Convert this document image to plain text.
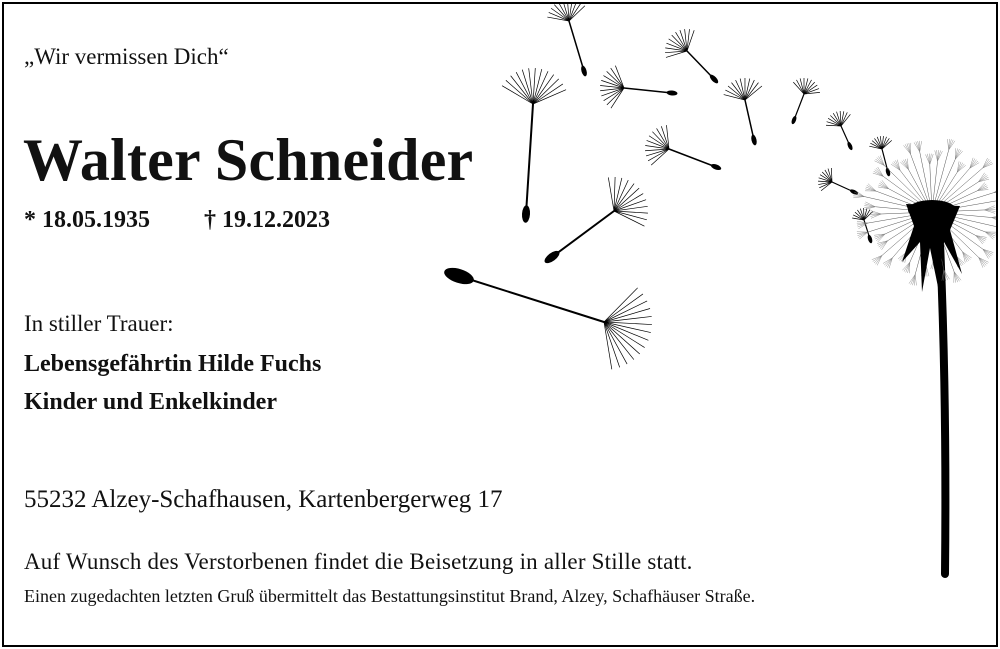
„Wir vermissen Dich“
Walter Schneider
* 18.05.1935 † 19.12.2023
In stiller Trauer:
Lebensgefährtin Hilde Fuchs
Kinder und Enkelkinder
55232 Alzey-Schafhausen, Kartenbergerweg 17
Auf Wunsch des Verstorbenen findet die Beisetzung in aller Stille statt.
Einen zugedachten letzten Gruß übermittelt das Bestattungsinstitut Brand, Alzey, Schafhäuser Straße.
